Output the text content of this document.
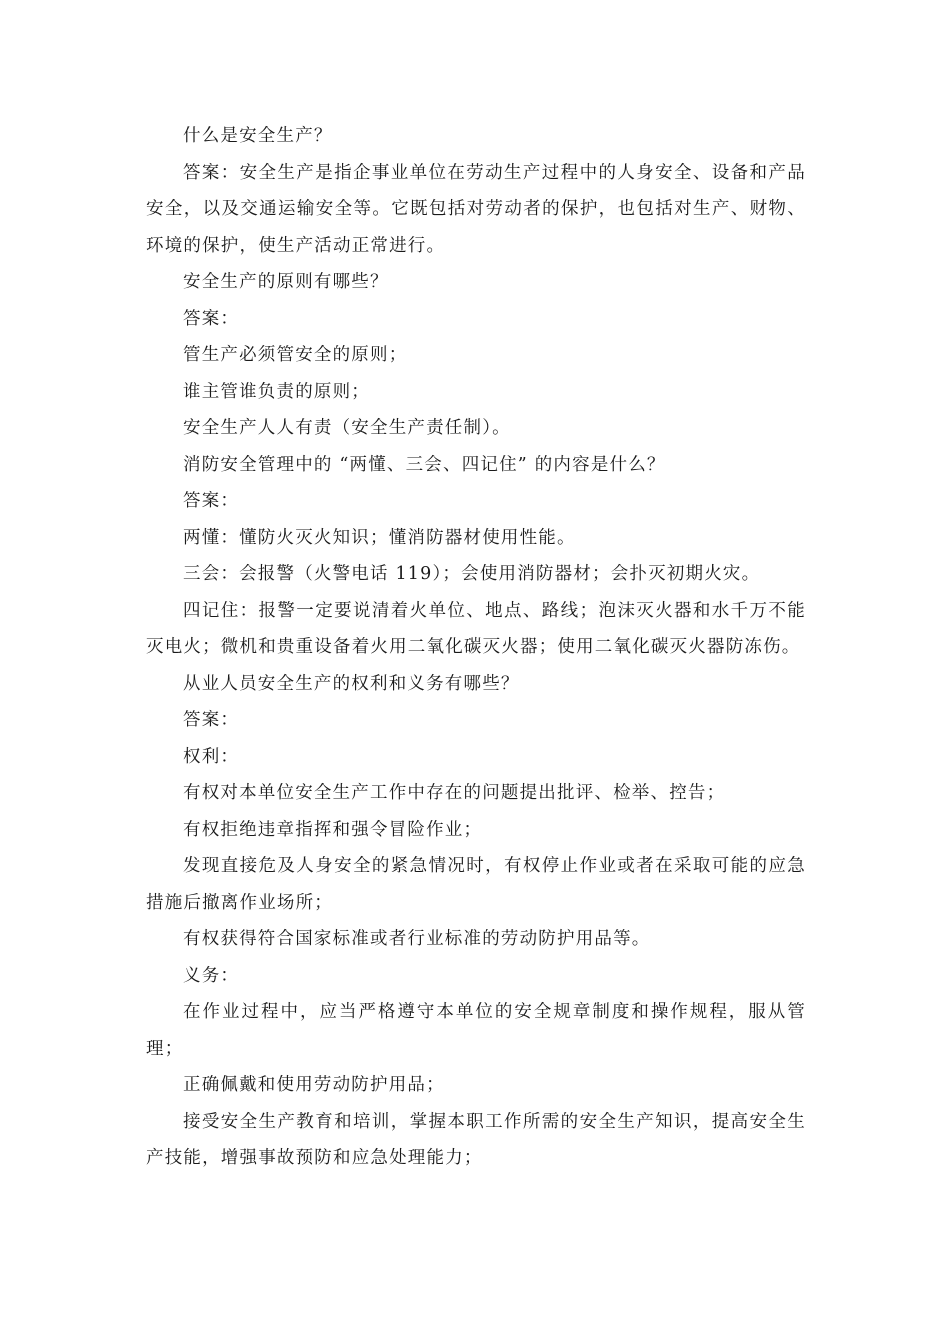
什么是安全生产？

答案：安全生产是指企事业单位在劳动生产过程中的人身安全、设备和产品安全，以及交通运输安全等。它既包括对劳动者的保护，也包括对生产、财物、环境的保护，使生产活动正常进行。

安全生产的原则有哪些？

答案：

管生产必须管安全的原则；

谁主管谁负责的原则；

安全生产人人有责（安全生产责任制）。

消防安全管理中的 “两懂、三会、四记住” 的内容是什么？

答案：

两懂：懂防火灭火知识；懂消防器材使用性能。

三会：会报警（火警电话 119）；会使用消防器材；会扑灭初期火灾。

四记住：报警一定要说清着火单位、地点、路线；泡沫灭火器和水千万不能灭电火；微机和贵重设备着火用二氧化碳灭火器；使用二氧化碳灭火器防冻伤。

从业人员安全生产的权利和义务有哪些？

答案：

权利：

有权对本单位安全生产工作中存在的问题提出批评、检举、控告；

有权拒绝违章指挥和强令冒险作业；

发现直接危及人身安全的紧急情况时，有权停止作业或者在采取可能的应急措施后撤离作业场所；

有权获得符合国家标准或者行业标准的劳动防护用品等。

义务：

在作业过程中，应当严格遵守本单位的安全规章制度和操作规程，服从管理；

正确佩戴和使用劳动防护用品；

接受安全生产教育和培训，掌握本职工作所需的安全生产知识，提高安全生产技能，增强事故预防和应急处理能力；
